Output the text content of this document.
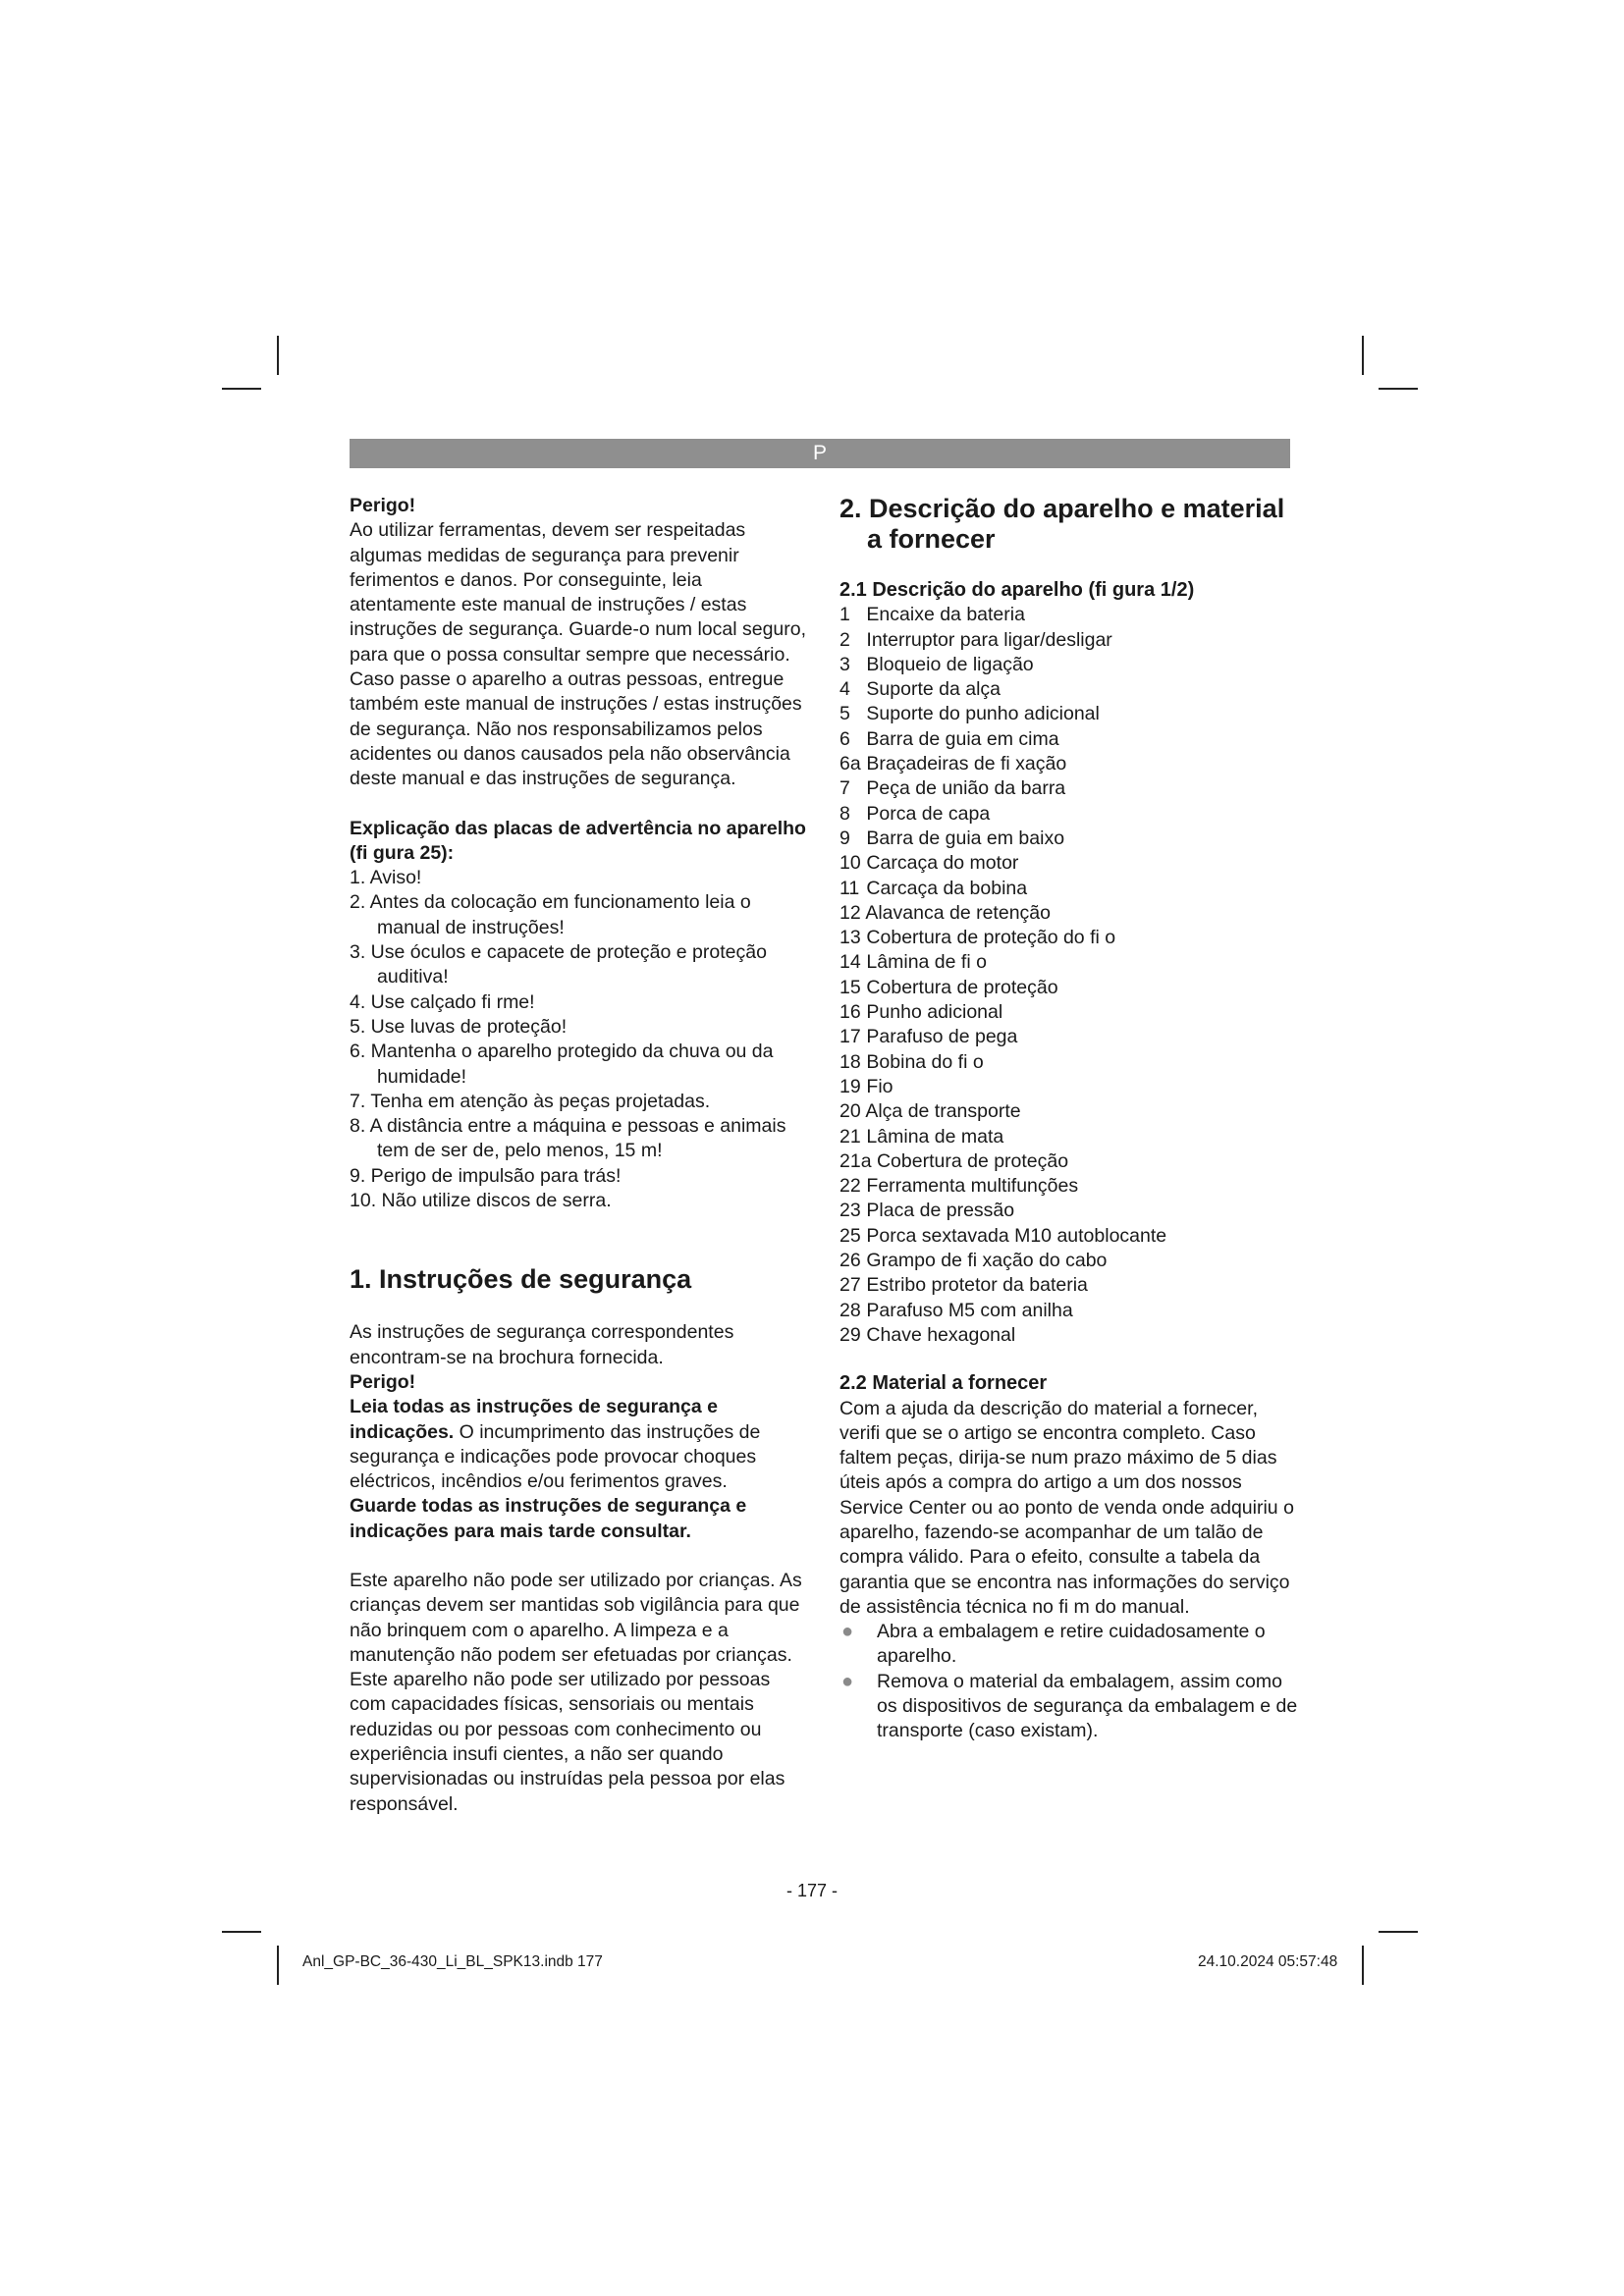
P

Perigo!

Ao utilizar ferramentas, devem ser respeitadas algumas medidas de segurança para prevenir ferimentos e danos. Por conseguinte, leia atentamente este manual de instruções / estas instruções de segurança. Guarde-o num local seguro, para que o possa consultar sempre que necessário. Caso passe o aparelho a outras pessoas, entregue também este manual de instruções / estas instruções de segurança. Não nos responsabilizamos pelos acidentes ou danos causados pela não observância deste manual e das instruções de segurança.

Explicação das placas de advertência no aparelho (fi gura 25):

1. Aviso!
2. Antes da colocação em funcionamento leia o manual de instruções!
3. Use óculos e capacete de proteção e proteção auditiva!
4. Use calçado fi rme!
5. Use luvas de proteção!
6. Mantenha o aparelho protegido da chuva ou da humidade!
7. Tenha em atenção às peças projetadas.
8. A distância entre a máquina e pessoas e animais tem de ser de, pelo menos, 15 m!
9. Perigo de impulsão para trás!
10. Não utilize discos de serra.

1. Instruções de segurança

As instruções de segurança correspondentes encontram-se na brochura fornecida.

Perigo!

Leia todas as instruções de segurança e indicações. O incumprimento das instruções de segurança e indicações pode provocar choques eléctricos, incêndios e/ou ferimentos graves.

Guarde todas as instruções de segurança e indicações para mais tarde consultar.

Este aparelho não pode ser utilizado por crianças. As crianças devem ser mantidas sob vigilância para que não brinquem com o aparelho. A limpeza e a manutenção não podem ser efetuadas por crianças. Este aparelho não pode ser utilizado por pessoas com capacidades físicas, sensoriais ou mentais reduzidas ou por pessoas com conhecimento ou experiência insufi cientes, a não ser quando supervisionadas ou instruídas pela pessoa por elas responsável.

2. Descrição do aparelho e material

a fornecer

2.1 Descrição do aparelho (fi gura 1/2)

1 Encaixe da bateria
2 Interruptor para ligar/desligar
3 Bloqueio de ligação
4 Suporte da alça
5 Suporte do punho adicional
6 Barra de guia em cima
6a Braçadeiras de fi xação
7 Peça de união da barra
8 Porca de capa
9 Barra de guia em baixo
10 Carcaça do motor
11 Carcaça da bobina
12 Alavanca de retenção
13 Cobertura de proteção do fi o
14 Lâmina de fi o
15 Cobertura de proteção
16 Punho adicional
17 Parafuso de pega
18 Bobina do fi o
19 Fio
20 Alça de transporte
21 Lâmina de mata
21a Cobertura de proteção
22 Ferramenta multifunções
23 Placa de pressão
25 Porca sextavada M10 autoblocante
26 Grampo de fi xação do cabo
27 Estribo protetor da bateria
28 Parafuso M5 com anilha
29 Chave hexagonal

2.2 Material a fornecer

Com a ajuda da descrição do material a fornecer, verifi que se o artigo se encontra completo. Caso faltem peças, dirija-se num prazo máximo de 5 dias úteis após a compra do artigo a um dos nossos Service Center ou ao ponto de venda onde adquiriu o aparelho, fazendo-se acompanhar de um talão de compra válido. Para o efeito, consulte a tabela da garantia que se encontra nas informações do serviço de assistência técnica no fi m do manual.

● Abra a embalagem e retire cuidadosamente o aparelho.
● Remova o material da embalagem, assim como os dispositivos de segurança da embalagem e de transporte (caso existam).
- 177 -
Anl_GP-BC_36-430_Li_BL_SPK13.indb 177	24.10.2024 05:57:48
